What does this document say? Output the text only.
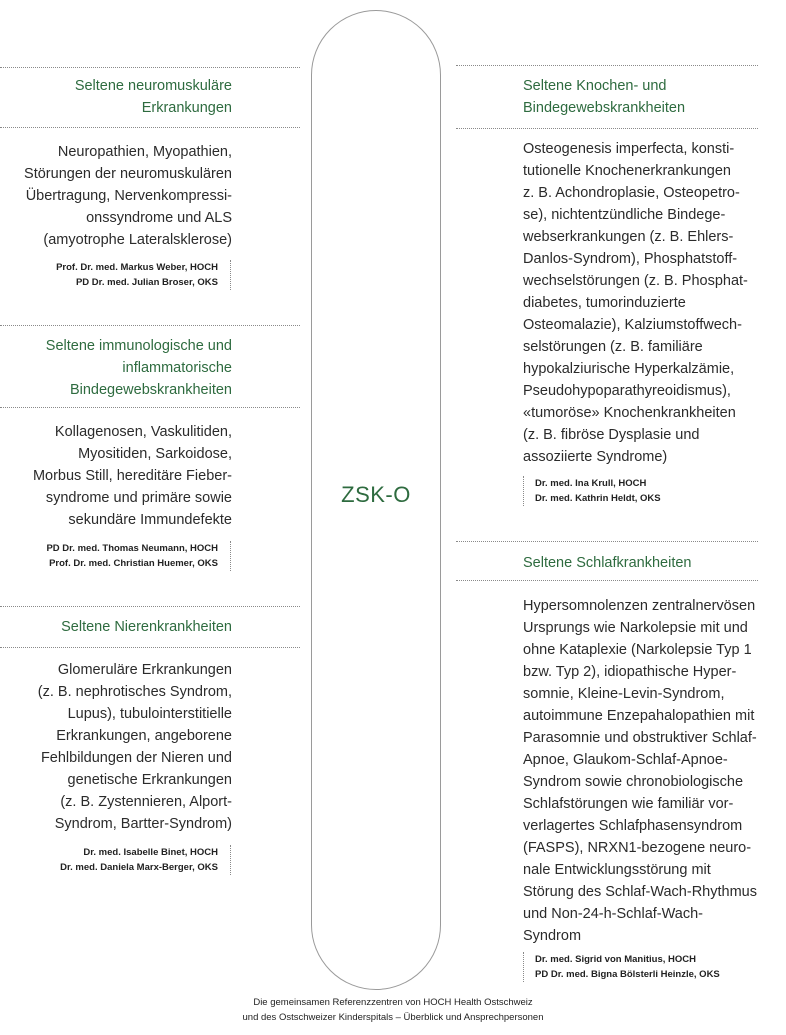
ZSK-O
Seltene neuromuskuläre
Erkrankungen

Neuropathien, Myopathien,

Störungen der neuromuskulären

Übertragung, Nervenkompressi-

onssyndrome und ALS

(amyotrophe Lateralsklerose)

Prof. Dr. med. Markus Weber, HOCH
PD Dr. med. Julian Broser, OKS
Seltene immunologische und
inflammatorische
Bindegewebskrankheiten

Kollagenosen, Vaskulitiden,

Myositiden, Sarkoidose,

Morbus Still, hereditäre Fieber-

syndrome und primäre sowie

sekundäre Immundefekte

PD Dr. med. Thomas Neumann, HOCH
Prof. Dr. med. Christian Huemer, OKS
Seltene Nierenkrankheiten

Glomeruläre Erkrankungen

(z. B. nephrotisches Syndrom,

Lupus), tubulointerstitielle

Erkrankungen, angeborene

Fehlbildungen der Nieren und

genetische Erkrankungen

(z. B. Zystennieren, Alport-

Syndrom, Bartter-Syndrom)

Dr. med. Isabelle Binet, HOCH
Dr. med. Daniela Marx-Berger, OKS
Seltene Knochen- und
Bindegewebskrankheiten

Osteogenesis imperfecta, konsti-

tutionelle Knochenerkrankungen

z. B. Achondroplasie, Osteopetro-

se), nichtentzündliche Bindege-

webserkrankungen (z. B. Ehlers-

Danlos-Syndrom), Phosphatstoff-

wechselstörungen (z. B. Phosphat-

diabetes, tumorinduzierte

Osteomalazie), Kalziumstoffwech-

selstörungen (z. B. familiäre

hypokalziurische Hyperkalzämie,

Pseudohypoparathyreoidismus),

«tumoröse» Knochenkrankheiten

(z. B. fibröse Dysplasie und

assoziierte Syndrome)

Dr. med. Ina Krull, HOCH
Dr. med. Kathrin Heldt, OKS
Seltene Schlafkrankheiten

Hypersomnolenzen zentralnervösen

Ursprungs wie Narkolepsie mit und

ohne Kataplexie (Narkolepsie Typ 1

bzw. Typ 2), idiopathische Hyper-

somnie, Kleine-Levin-Syndrom,

autoimmune Enzepahalopathien mit

Parasomnie und obstruktiver Schlaf-

Apnoe, Glaukom-Schlaf-Apnoe-

Syndrom sowie chronobiologische

Schlafstörungen wie familiär vor-

verlagertes Schlafphasensyndrom

(FASPS), NRXN1-bezogene neuro-

nale Entwicklungsstörung mit

Störung des Schlaf-Wach-Rhythmus

und Non-24-h-Schlaf-Wach-

Syndrom

Dr. med. Sigrid von Manitius, HOCH
PD Dr. med. Bigna Bölsterli Heinzle, OKS
Die gemeinsamen Referenzzentren von HOCH Health Ostschweiz
und des Ostschweizer Kinderspitals – Überblick und Ansprechpersonen
